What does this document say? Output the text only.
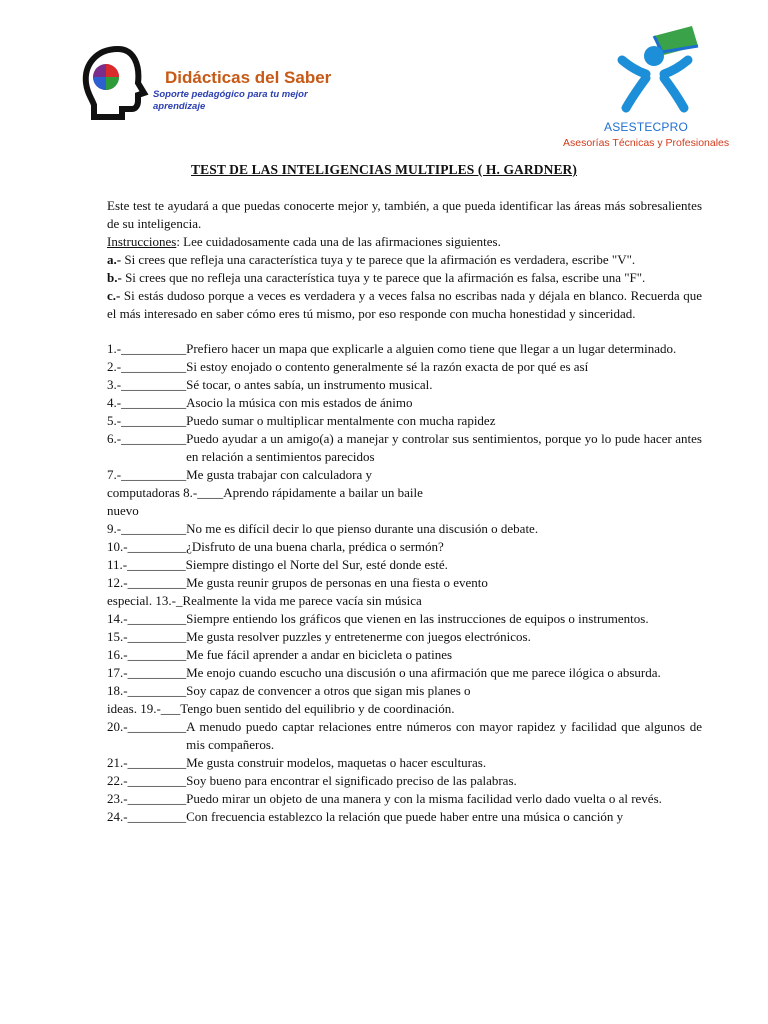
Didácticas del Saber
Soporte pedagógico para tu mejor aprendizaje
ASESTECPRO
Asesorías Técnicas y Profesionales
TEST DE LAS INTELIGENCIAS MULTIPLES ( H. GARDNER)
Este test te ayudará a que puedas conocerte mejor y, también, a que pueda identificar las áreas más sobresalientes de su inteligencia.
Instrucciones: Lee cuidadosamente cada una de las afirmaciones siguientes.
a.- Si crees que refleja una característica tuya y te parece que la afirmación es verdadera, escribe "V".
b.- Si crees que no refleja una característica tuya y te parece que la afirmación es falsa, escribe una "F".
c.- Si estás dudoso porque a veces es verdadera y a veces falsa no escribas nada y déjala en blanco. Recuerda que el más interesado en saber cómo eres tú mismo, por eso responde con mucha honestidad y sinceridad.
1.-__________ Prefiero hacer un mapa que explicarle a alguien como tiene que llegar a un lugar determinado.
2.-__________ Si estoy enojado o contento generalmente sé la razón exacta de por qué es así
3.-__________ Sé tocar, o antes sabía, un instrumento musical.
4.-__________ Asocio la música con mis estados de ánimo
5.-__________ Puedo sumar o multiplicar mentalmente con mucha rapidez
6.-__________ Puedo ayudar a un amigo(a) a manejar y controlar sus sentimientos, porque yo lo pude hacer antes en relación a sentimientos parecidos
7.-__________ Me gusta trabajar con calculadora y
computadoras 8.-____ Aprendo rápidamente a bailar un baile
nuevo
9.-__________ No me es difícil decir lo que pienso durante una discusión o debate.
10.-_________ ¿Disfruto de una buena charla, prédica o sermón?
11.-_________ Siempre distingo el Norte del Sur, esté donde esté.
12.-_________ Me gusta reunir grupos de personas en una fiesta o evento
especial. 13.-_ Realmente la vida me parece vacía sin música
14.-_________ Siempre entiendo los gráficos que vienen en las instrucciones de equipos o instrumentos.
15.-_________ Me gusta resolver puzzles y entretenerme con juegos electrónicos.
16.-_________ Me fue fácil aprender a andar en bicicleta o patines
17.-_________ Me enojo cuando escucho una discusión o una afirmación que me parece ilógica o absurda.
18.-_________ Soy capaz de convencer a otros que sigan mis planes o
ideas. 19.-___ Tengo buen sentido del equilibrio y de coordinación.
20.-_________ A menudo puedo captar relaciones entre números con mayor rapidez y facilidad que algunos de mis compañeros.
21.-_________ Me gusta construir modelos, maquetas o hacer esculturas.
22.-_________ Soy bueno para encontrar el significado preciso de las palabras.
23.-_________ Puedo mirar un objeto de una manera y con la misma facilidad verlo dado vuelta o al revés.
24.-_________ Con frecuencia establezco la relación que puede haber entre una música o canción y
